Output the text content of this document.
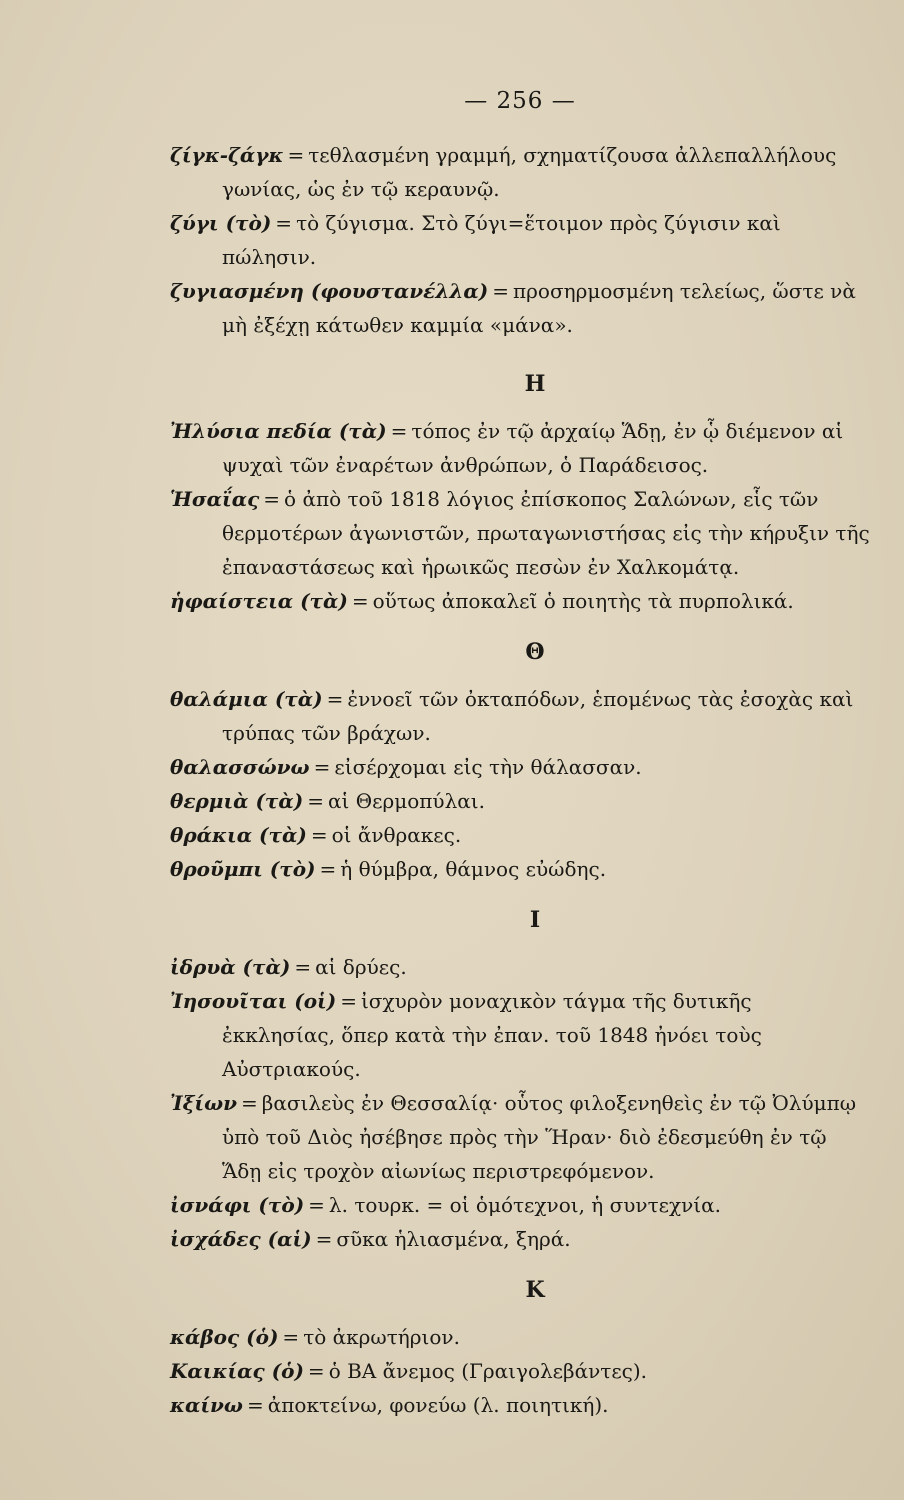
— 256 —

ζίγκ-ζάγκ = τεθλασμένη γραμμή, σχηματίζουσα ἀλλεπαλλήλους γωνίας, ὡς ἐν τῷ κεραυνῷ.

ζύγι (τὸ) = τὸ ζύγισμα. Στὸ ζύγι=ἕτοιμον πρὸς ζύγισιν καὶ πώλησιν.

ζυγιασμένη (φουστανέλλα) = προσηρμοσμένη τελείως, ὥστε νὰ μὴ ἐξέχῃ κάτωθεν καμμία «μάνα».

Η

Ἠλύσια πεδία (τὰ) = τόπος ἐν τῷ ἀρχαίῳ Ἅδῃ, ἐν ᾧ διέμενον αἱ ψυχαὶ τῶν ἐναρέτων ἀνθρώπων, ὁ Παράδεισος.

Ἡσαΐας = ὁ ἀπὸ τοῦ 1818 λόγιος ἐπίσκοπος Σαλώνων, εἷς τῶν θερμοτέρων ἀγωνιστῶν, πρωταγωνιστήσας εἰς τὴν κήρυξιν τῆς ἐπαναστάσεως καὶ ἡρωικῶς πεσὼν ἐν Χαλκομάτᾳ.

ἡφαίστεια (τὰ) = οὕτως ἀποκαλεῖ ὁ ποιητὴς τὰ πυρπολικά.

Θ

θαλάμια (τὰ) = ἐννοεῖ τῶν ὀκταπόδων, ἑπομένως τὰς ἐσοχὰς καὶ τρύπας τῶν βράχων.

θαλασσώνω = εἰσέρχομαι εἰς τὴν θάλασσαν.

θερμιὰ (τὰ) = αἱ Θερμοπύλαι.

θράκια (τὰ) = οἱ ἄνθρακες.

θροῦμπι (τὸ) = ἡ θύμβρα, θάμνος εὐώδης.

Ι

ἰδρυὰ (τὰ) = αἱ δρύες.

Ἰησουῖται (οἱ) = ἰσχυρὸν μοναχικὸν τάγμα τῆς δυτικῆς ἐκκλησίας, ὅπερ κατὰ τὴν ἐπαν. τοῦ 1848 ἠνόει τοὺς Αὐστριακούς.

Ἰξίων = βασιλεὺς ἐν Θεσσαλίᾳ· οὗτος φιλοξενηθεὶς ἐν τῷ Ὀλύμπῳ ὑπὸ τοῦ Διὸς ἠσέβησε πρὸς τὴν Ἥραν· διὸ ἐδεσμεύθη ἐν τῷ Ἅδῃ εἰς τροχὸν αἰωνίως περιστρεφόμενον.

ἰσνάφι (τὸ) = λ. τουρκ. = οἱ ὁμότεχνοι, ἡ συντεχνία.

ἰσχάδες (αἱ) = σῦκα ἡλιασμένα, ξηρά.

Κ

κάβος (ὁ) = τὸ ἀκρωτήριον.

Καικίας (ὁ) = ὁ ΒΑ ἄνεμος (Γραιγολεβάντες).

καίνω = ἀποκτείνω, φονεύω (λ. ποιητική).
